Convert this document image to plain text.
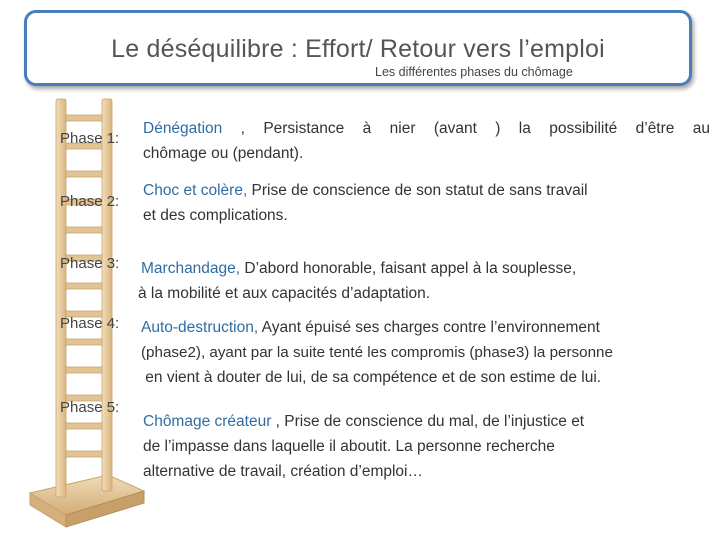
Le déséquilibre : Effort/ Retour vers l’emploi
Les différentes phases du chômage
Phase 1:
Dénégation , Persistance à nier (avant ) la possibilité d’être au
chômage ou (pendant).
Phase 2:
Choc et colère, Prise de conscience de son statut de sans travail
et des complications.
Phase 3: Marchandage, D’abord honorable, faisant appel à la souplesse,
à la mobilité et aux capacités d’adaptation.
Phase 4: Auto-destruction, Ayant épuisé ses charges contre l’environnement
(phase2), ayant par la suite tenté les compromis (phase3) la personne
en vient à douter de lui, de sa compétence et de son estime de lui.
Phase 5:
Chômage créateur , Prise de conscience du mal, de l’injustice et
de l’impasse dans laquelle il aboutit. La personne recherche
alternative de travail, création d’emploi…
